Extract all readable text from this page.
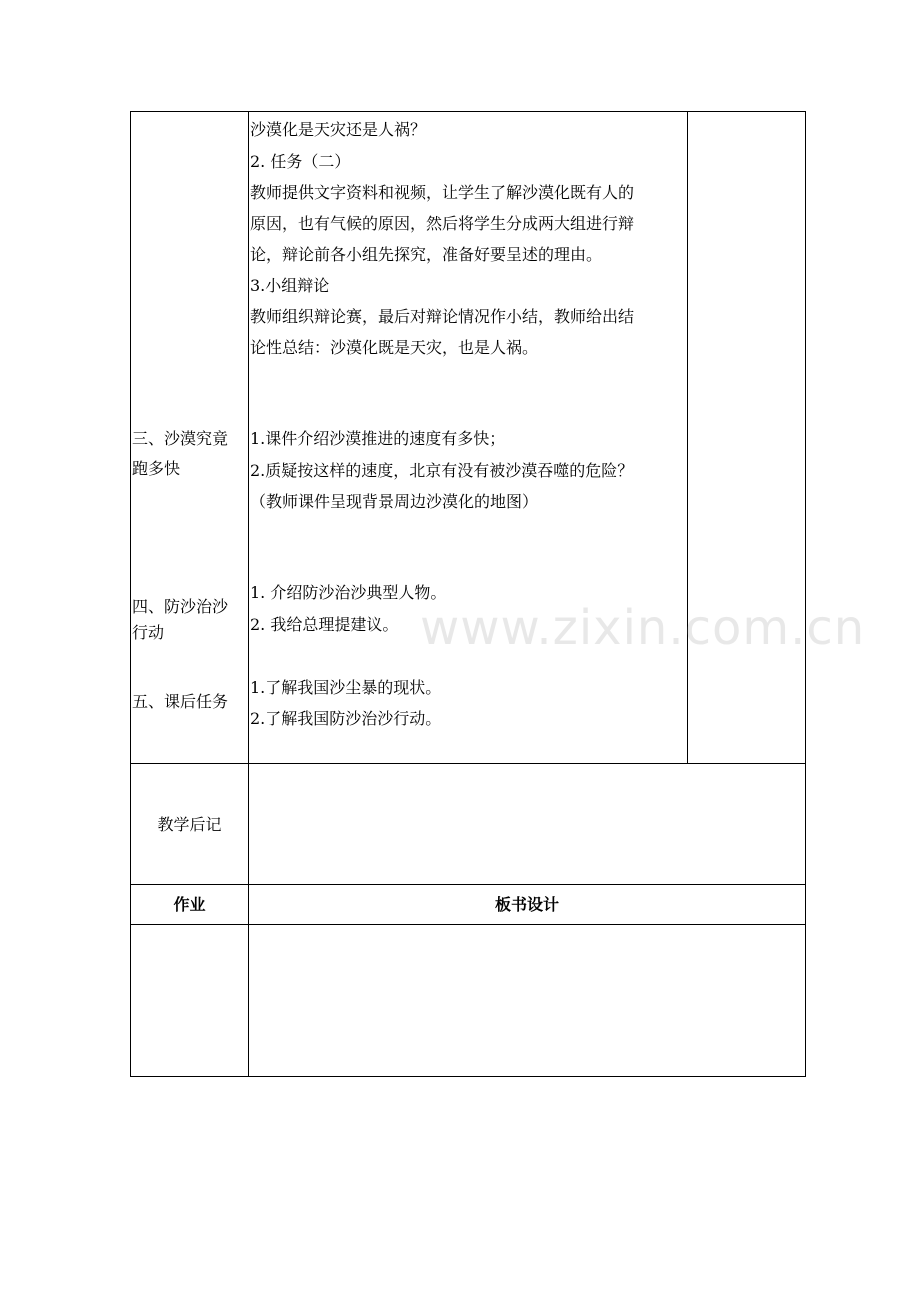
沙漠化是天灾还是人祸？
2. 任务（二）
教师提供文字资料和视频，让学生了解沙漠化既有人的
原因，也有气候的原因，然后将学生分成两大组进行辩
论，辩论前各小组先探究，准备好要呈述的理由。
3.小组辩论
教师组织辩论赛，最后对辩论情况作小结，教师给出结
论性总结：沙漠化既是天灾，也是人祸。
三、沙漠究竟
跑多快
1.课件介绍沙漠推进的速度有多快；
2.质疑按这样的速度，北京有没有被沙漠吞噬的危险？
（教师课件呈现背景周边沙漠化的地图）
四、防沙治沙
行动
1. 介绍防沙治沙典型人物。
2. 我给总理提建议。
五、课后任务
1.了解我国沙尘暴的现状。
2.了解我国防沙治沙行动。
教学后记
作业	板书设计
www.zixin.com.cn
